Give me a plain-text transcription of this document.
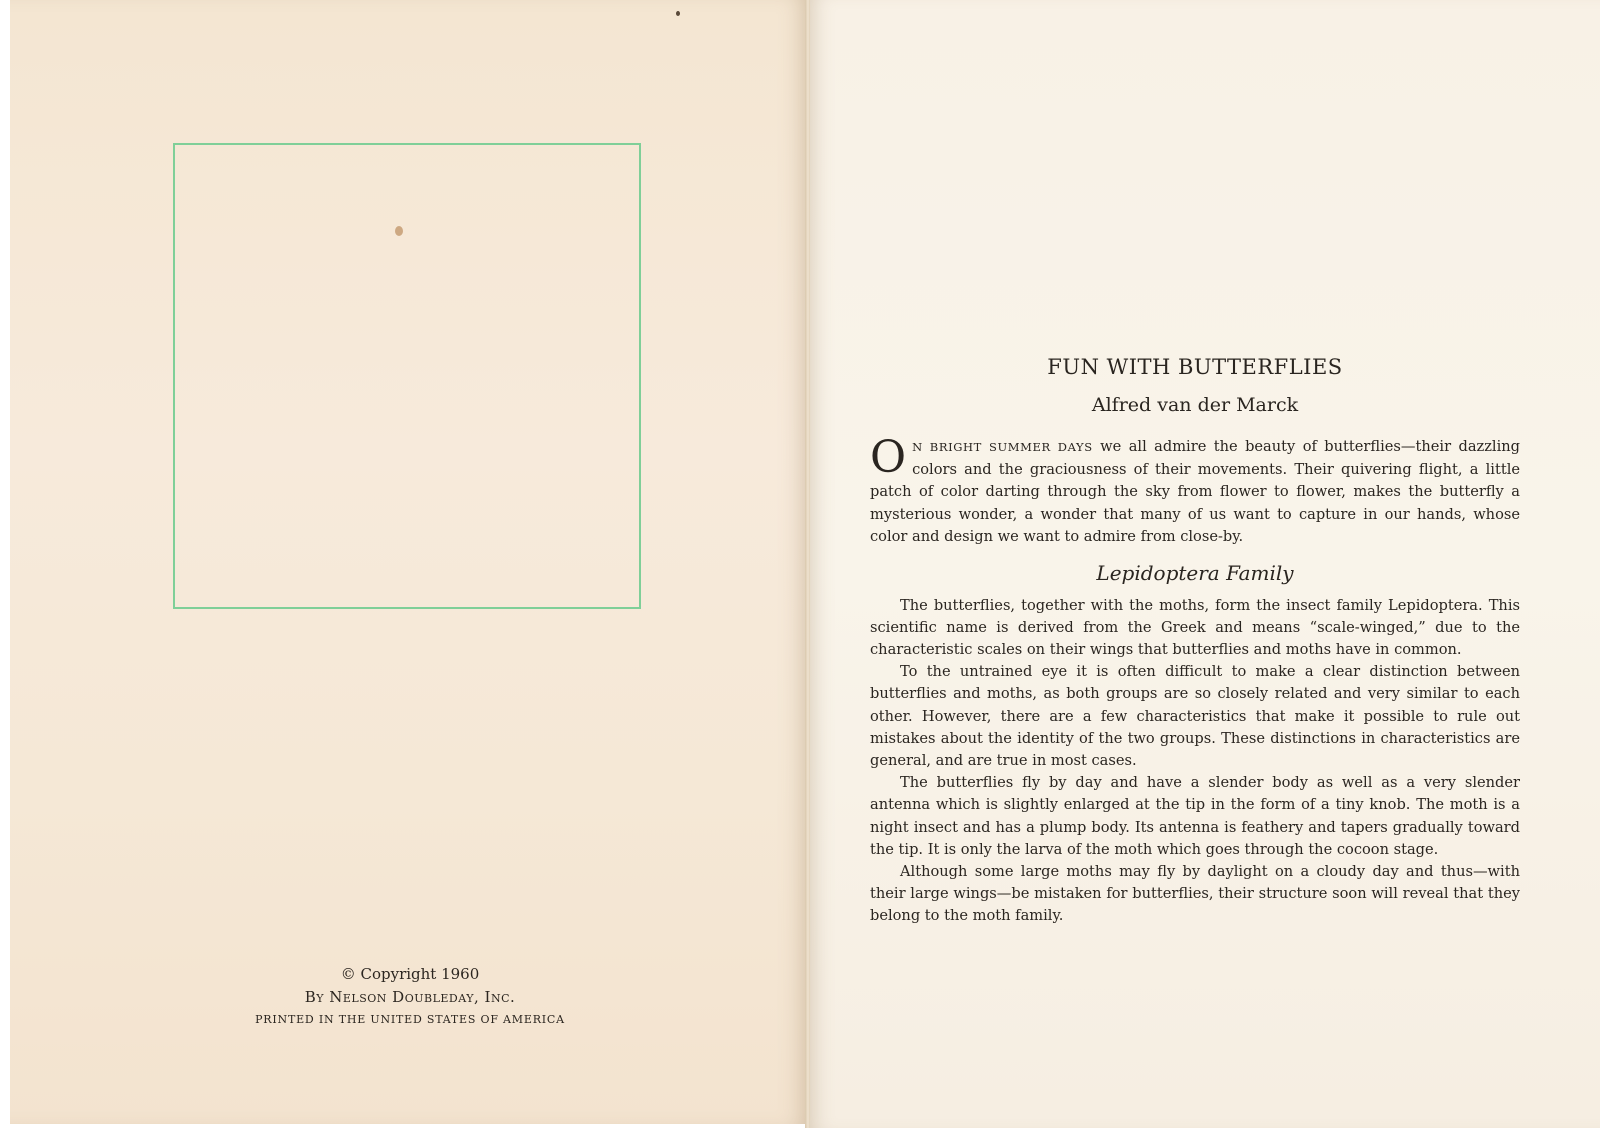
© Copyright 1960
By Nelson Doubleday, Inc.
PRINTED IN THE UNITED STATES OF AMERICA
FUN WITH BUTTERFLIES
Alfred van der Marck

O N BRIGHT SUMMER DAYS we all admire the beauty of butterflies—their dazzling colors and the graciousness of their movements. Their quivering flight, a little patch of color darting through the sky from flower to flower, makes the butterfly a mysterious wonder, a wonder that many of us want to capture in our hands, whose color and design we want to admire from close-by.

Lepidoptera Family

The butterflies, together with the moths, form the insect family Lepidoptera. This scientific name is derived from the Greek and means “scale-winged,” due to the characteristic scales on their wings that butterflies and moths have in common.

To the untrained eye it is often difficult to make a clear distinction between butterflies and moths, as both groups are so closely related and very similar to each other. However, there are a few characteristics that make it possible to rule out mistakes about the identity of the two groups. These distinctions in characteristics are general, and are true in most cases.

The butterflies fly by day and have a slender body as well as a very slender antenna which is slightly enlarged at the tip in the form of a tiny knob. The moth is a night insect and has a plump body. Its antenna is feathery and tapers gradually toward the tip. It is only the larva of the moth which goes through the cocoon stage.

Although some large moths may fly by daylight on a cloudy day and thus—with their large wings—be mistaken for butterflies, their structure soon will reveal that they belong to the moth family.
